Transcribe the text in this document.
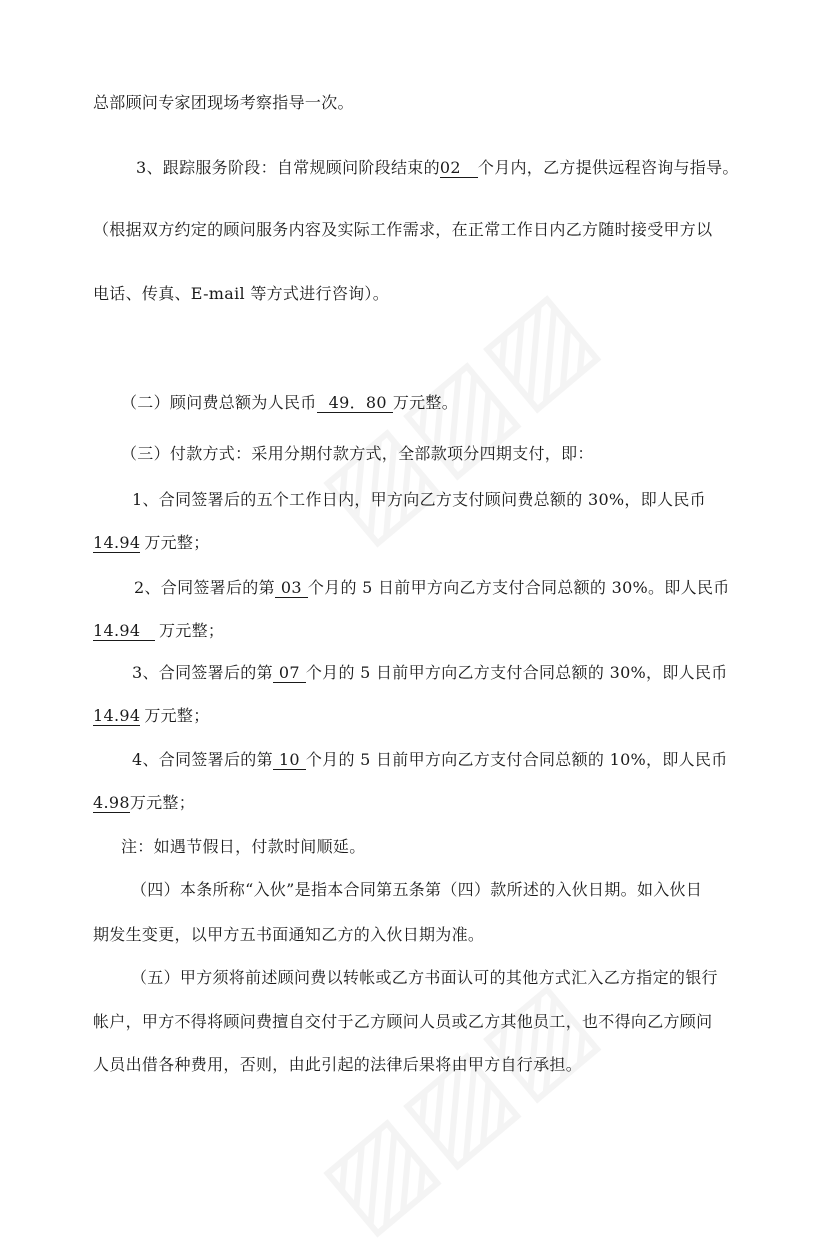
总部顾问专家团现场考察指导一次。
3、跟踪服务阶段：自常规顾问阶段结束的02 个月内，乙方提供远程咨询与指导。
（根据双方约定的顾问服务内容及实际工作需求，在正常工作日内乙方随时接受甲方以
电话、传真、E-mail 等方式进行咨询）。
（二）顾问费总额为人民币 49．80 万元整。
（三）付款方式：采用分期付款方式，全部款项分四期支付，即：
1、合同签署后的五个工作日内，甲方向乙方支付顾问费总额的 30%，即人民币
14.94 万元整；
2、合同签署后的第 03 个月的 5 日前甲方向乙方支付合同总额的 30%。即人民币
14.94 万元整；
3、合同签署后的第 07 个月的 5 日前甲方向乙方支付合同总额的 30%，即人民币
14.94 万元整；
4、合同签署后的第 10 个月的 5 日前甲方向乙方支付合同总额的 10%，即人民币
4.98万元整；
注：如遇节假日，付款时间顺延。
（四）本条所称“入伙”是指本合同第五条第（四）款所述的入伙日期。如入伙日
期发生变更，以甲方五书面通知乙方的入伙日期为准。
（五）甲方须将前述顾问费以转帐或乙方书面认可的其他方式汇入乙方指定的银行
帐户，甲方不得将顾问费擅自交付于乙方顾问人员或乙方其他员工，也不得向乙方顾问
人员出借各种费用，否则，由此引起的法律后果将由甲方自行承担。
